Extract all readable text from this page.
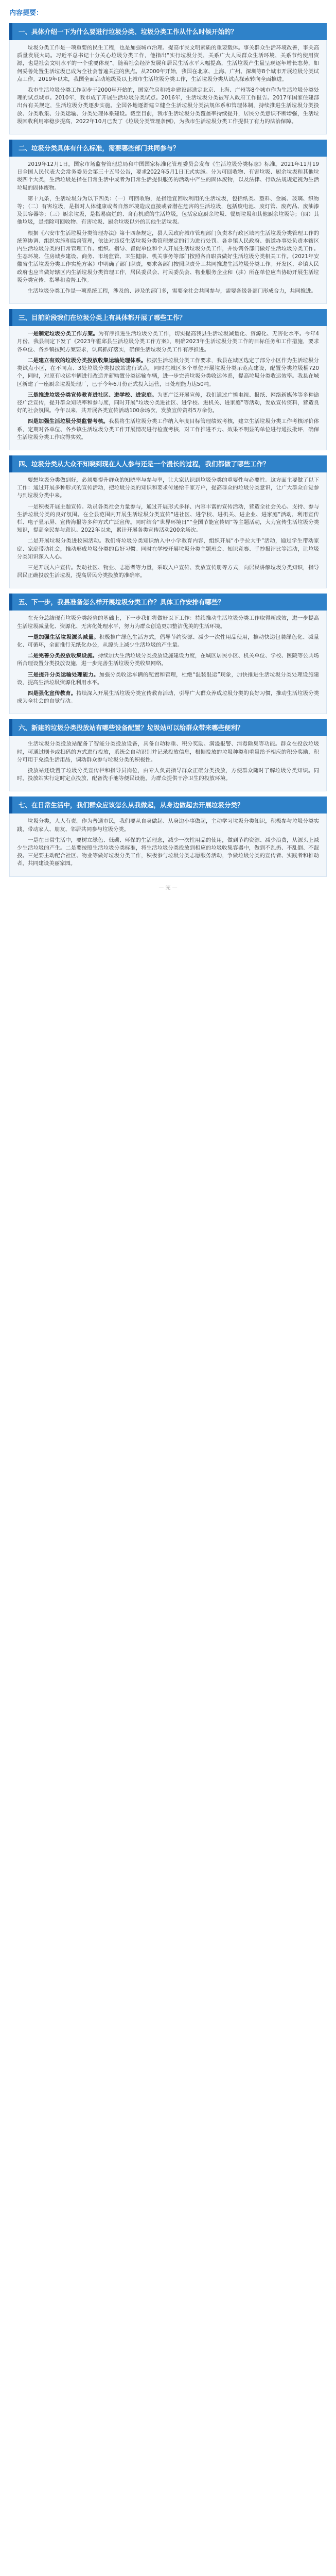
内容提要：
一、具体介绍一下为什么要进行垃圾分类、垃圾分类工作从什么时候开始的？

垃圾分类工作是一项重要的民生工程，也是加强城市治理、提高市民文明素质的重要载体。事关群众生活环境改善，事关高质量发展大局。习近平总书记十分关心垃圾分类工作，他指出“实行垃圾分类，关系广大人民群众生活环境，关系节约使用资源，也是社会文明水平的一个重要体现”。随着社会经济发展和居民生活水平大幅提高，生活垃圾产生量呈现逐年增长态势，如何妥善处置生活垃圾已成为全社会普遍关注的焦点。从2000年开始，我国在北京、上海、广州、深圳等8个城市开展垃圾分类试点工作。2019年以来，我国全面启动地级及以上城市生活垃圾分类工作，生活垃圾分类从试点探索转向全面推进。

我市生活垃圾分类工作起步于2000年开始的，国家住房和城乡建设部选定北京、上海、广州等8个城市作为生活垃圾分类处理的试点城市。2010年，我市成了开展生活垃圾分类试点。2016年，生活垃圾分类被写入政府工作报告。2017年国家住建部出台有关规定，生活垃圾分类逐步实施。全国各地逐渐建立健全生活垃圾分类法规体系和管理体制，持续推进生活垃圾分类投放、分类收集、分类运输、分类处理体系建设。截至目前，我市生活垃圾分类覆盖率持续提升，居民分类意识不断增强，生活垃圾回收利用率稳步提高，2022年10月已发了《垃圾分类管理条例》，为我市生活垃圾分类工作提供了有力的法治保障。

二、垃圾分类具体有什么标准，需要哪些部门共同参与？

2019年12月1日，国家市场监督管理总局和中国国家标准化管理委员会发布《生活垃圾分类标志》标准。2021年11月19日全国人民代表大会常务委员会第三十五号公告，要求2022年5月1日正式实施。分为可回收物、有害垃圾、厨余垃圾和其他垃圾四个大类，生活垃圾是指在日常生活中或者为日常生活提供服务的活动中产生的固体废物，以及法律、行政法规规定视为生活垃圾的固体废物。

第十九条，生活垃圾分为以下四类：（一）可回收物，是指适宜回收利用的生活垃圾，包括纸类、塑料、金属、玻璃、织物等；（二）有害垃圾，是指对人体健康或者自然环境造成直接或者潜在危害的生活垃圾，包括废电池、废灯管、废药品、废油漆及其容器等；（三）厨余垃圾，是指易腐烂的、含有机质的生活垃圾，包括家庭厨余垃圾、餐厨垃圾和其他厨余垃圾等；（四）其他垃圾，是指除可回收物、有害垃圾、厨余垃圾以外的其他生活垃圾。

根据《六安市生活垃圾分类管理办法》第十四条规定，县人民政府城市管理部门负责本行政区域内生活垃圾分类管理工作的统筹协调、组织实施和监督管理，依法对违反生活垃圾分类管理规定的行为进行处罚。各乡镇人民政府、街道办事处负责本辖区内生活垃圾分类的日常管理工作。组织、指导、督促单位和个人开展生活垃圾分类工作，并协调各部门做好生活垃圾分类工作。生态环境、住房城乡建设、商务、市场监管、卫生健康、机关事务等部门按照各自职责做好生活垃圾分类相关工作。《2021年安徽省生活垃圾分类工作实施方案》中明确了部门职责，要求各部门按照职责分工共同推进生活垃圾分类工作。开发区、乡镇人民政府也应当做好辖区内生活垃圾分类管理工作，居民委员会、村民委员会、物业服务企业和（驻）所在单位应当协助开展生活垃圾分类宣传、指导和监督工作。

生活垃圾分类工作是一项系统工程，涉及的、涉及的部门多，需要全社会共同参与，需要各级各部门形成合力，共同推进。

三、目前阶段我们在垃圾分类上有具体都开展了哪些工作？

一是制定垃圾分类工作方案。为有序推进生活垃圾分类工作，切实提高我县生活垃圾减量化、资源化、无害化水平。今年4月份，我县制定下发了《2023年霍邱县生活垃圾分类工作方案》，明确2023年生活垃圾分类工作的目标任务和工作措施，要求各单位、各乡镇按照方案要求，认真抓好落实，确保生活垃圾分类工作有序推进。

二是建立有效的垃圾分类投放收集运输处理体系。根据生活垃圾分类工作要求，我县在城区选定了部分小区作为生活垃圾分类试点小区，在不同点、3处垃圾分类投放站进行试点，同时在城区多个单位开展垃圾分类示范点建设，配置分类垃圾桶720个，同时，对原有收运车辆进行改造并新购置分类运输车辆，进一步完善垃圾分类收运体系，提高垃圾分类收运效率。我县在城区新建了一座厨余垃圾处理厂，已于今年6月份正式投入运营，日处理能力达50吨。

三是推进垃圾分类宣传教育进社区、进学校、进家庭。为更广泛开展宣传，我们通过广播电视、报纸、网络新媒体等多种途径广泛宣传，提升群众知晓率和参与度，同时开展“垃圾分类进社区、进学校、进机关、进家庭”等活动，发放宣传资料，营造良好的社会氛围。今年以来，共开展各类宣传活动100余场次，发放宣传资料5万余份。

四是加强生活垃圾分类监督考核。我县将生活垃圾分类工作纳入年度目标管理绩效考核，建立生活垃圾分类工作考核评价体系，定期对各单位、各乡镇生活垃圾分类工作开展情况进行检查考核，对工作推进不力、效果不明显的单位进行通报批评，确保生活垃圾分类工作取得实效。

四、垃圾分类从大众不知晓到现在人人参与还是一个漫长的过程，我们都做了哪些工作？

要想垃圾分类做到好，必须要提升群众的知晓率与参与率，让大家认识到垃圾分类的重要性与必要性。这方面主要做了以下工作：通过开展多种形式的宣传活动，把垃圾分类的知识和要求传递给千家万户，提高群众的垃圾分类意识，让广大群众自觉参与到垃圾分类中来。

一是积极开展主题宣传。动员各类社会力量参与，通过开展形式多样、内容丰富的宣传活动，营造全社会关心、支持、参与生活垃圾分类的良好氛围。在全县范围内开展生活垃圾分类宣传“进社区、进学校、进机关、进企业、进家庭”活动，利用宣传栏、电子显示屏、宣传海报等多种方式广泛宣传。同时结合“世界环境日”“全国节能宣传周”等主题活动，大力宣传生活垃圾分类知识，提高全民参与意识。2022年以来，累计开展各类宣传活动200余场次。

二是开展垃圾分类进校园活动。我们将垃圾分类知识纳入中小学教育内容，组织开展“小手拉大手”活动，通过学生带动家庭、家庭带动社会，推动形成垃圾分类的良好习惯。同时在学校开展垃圾分类主题班会、知识竞赛、手抄报评比等活动，让垃圾分类知识深入人心。

三是开展入户宣传。发动社区、物业、志愿者等力量，采取入户宣传、发放宣传册等方式，向居民讲解垃圾分类知识，指导居民正确投放生活垃圾，提高居民分类投放的准确率。

五、下一步，我县准备怎么样开展垃圾分类工作？具体工作安排有哪些？

在充分总结现有垃圾分类经验的基础上，下一步我们将做好以下工作：持续推动生活垃圾分类工作取得新成效，进一步提高生活垃圾减量化、资源化、无害化处理水平，努力为群众创造更加整洁优美的生活环境。

一是加强生活垃圾源头减量。积极推广绿色生活方式，倡导节约资源、减少一次性用品使用，推动快递包装绿色化、减量化、可循环，全面推行无纸化办公，从源头上减少生活垃圾的产生量。

二是完善分类投放收集设施。持续加大生活垃圾分类投放设施建设力度，在城区居民小区、机关单位、学校、医院等公共场所合理设置分类投放设施，进一步完善生活垃圾分类收集网络。

三是提升分类运输处理能力。加强分类收运车辆的配置和管理，杜绝“混装混运”现象，加快推进生活垃圾分类处理设施建设，提高生活垃圾资源化利用水平。

四是强化宣传教育。持续深入开展生活垃圾分类宣传教育活动，引导广大群众养成垃圾分类的良好习惯，推动生活垃圾分类成为全社会的自觉行动。

六、新建的垃圾分类投放站有哪些设备配置？垃圾站可以给群众带来哪些便利？

生活垃圾分类投放站配备了智能分类投放设备，具备自动称重、积分奖励、满溢报警、消毒除臭等功能。群众在投放垃圾时，可通过刷卡或扫码的方式进行投放，系统会自动识别并记录投放信息，根据投放的垃圾种类和重量给予相应的积分奖励，积分可用于兑换生活用品，调动群众参与垃圾分类的积极性。

投放站还设置了垃圾分类宣传栏和指导员岗位，由专人负责指导群众正确分类投放，方便群众随时了解垃圾分类知识。同时，投放站实行定时定点投放，配备洗手池等便民设施，为群众提供干净卫生的投放环境。

七、在日常生活中，我们群众应该怎么从我做起，从身边做起去开展垃圾分类？

垃圾分类，人人有责。作为普通市民，我们要从自身做起、从身边小事做起，主动学习垃圾分类知识，积极参与垃圾分类实践，带动家人、朋友、邻居共同参与垃圾分类。

一是在日常生活中，要树立绿色、低碳、环保的生活理念，减少一次性用品的使用，做到节约资源、减少浪费，从源头上减少生活垃圾的产生。二是要按照生活垃圾分类标准，将生活垃圾分类投放到相应的垃圾收集容器中，做到不乱扔、不乱倒、不混投。三是要主动配合社区、物业等做好垃圾分类工作，积极参与垃圾分类志愿服务活动，争做垃圾分类的宣传者、实践者和推动者，共同建设美丽家园。

— 完 —
